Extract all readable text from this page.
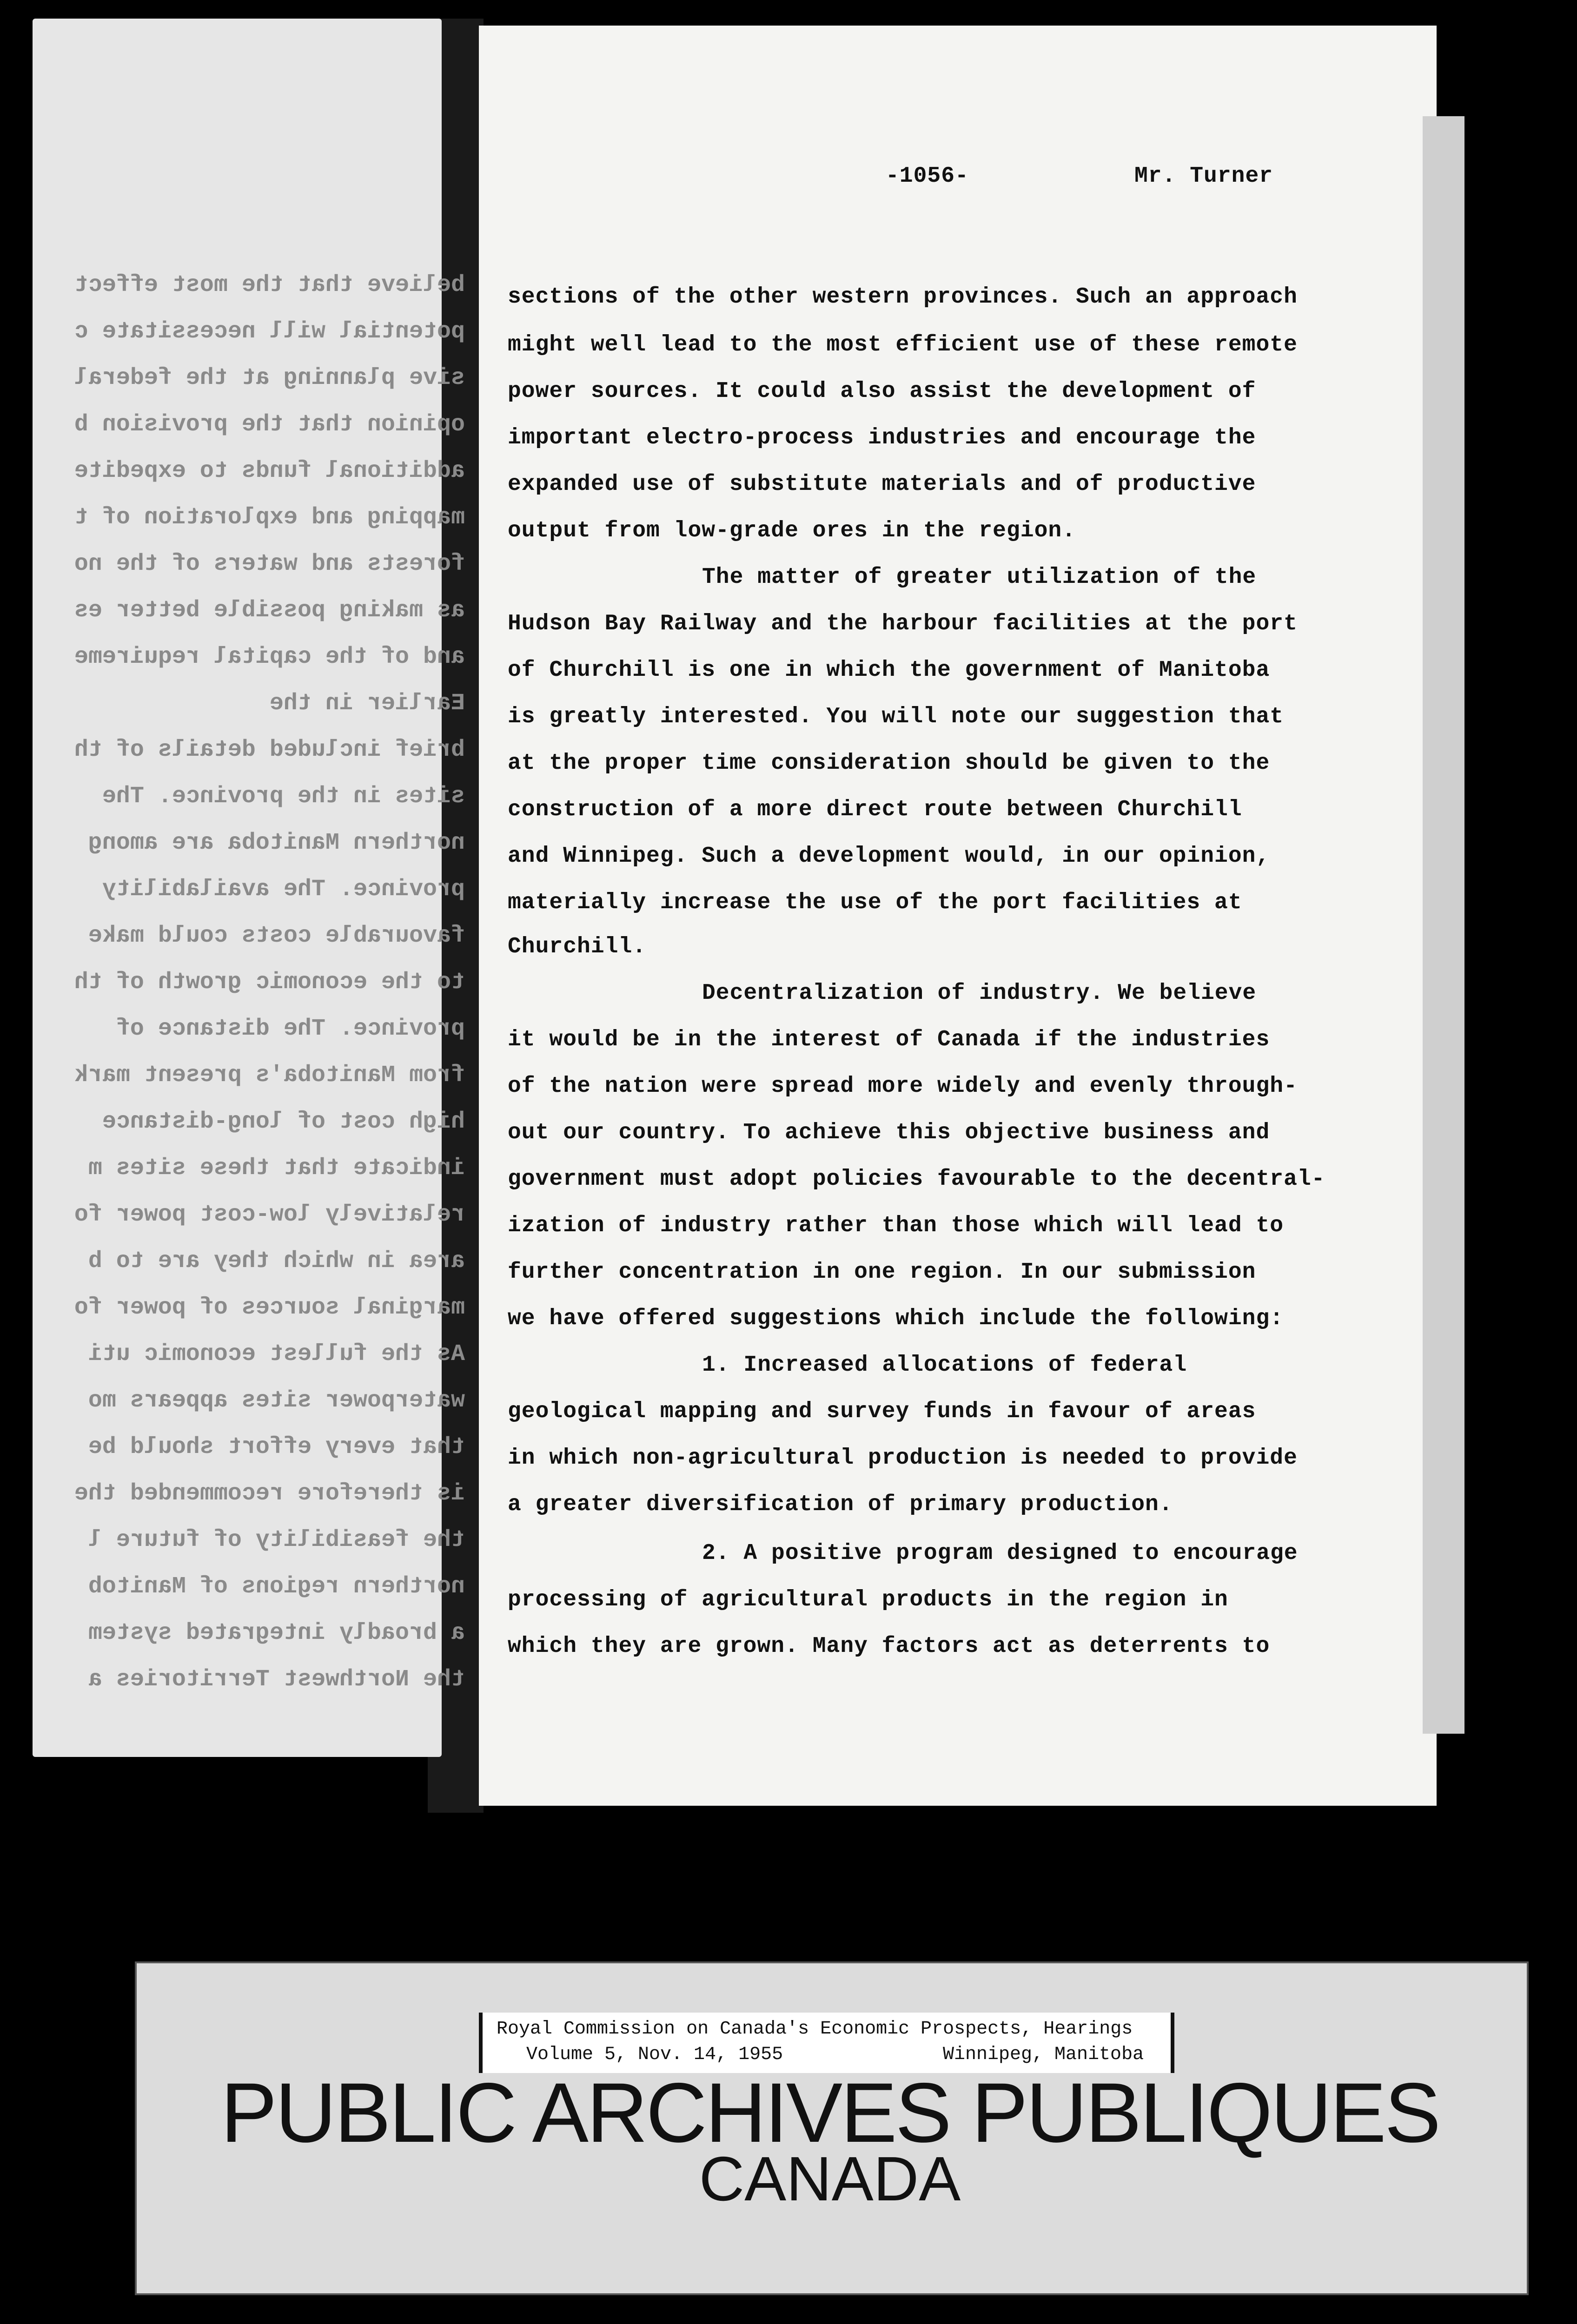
believe that the most effect
potential will necessitate c
sive planning at the federal
opinion that the provision b
additional funds to expedite
mapping and exploration of t
forests and waters of the no
as making possible better es
and of the capital requireme
Earlier in the
brief included details of th
sites in the province. The
northern Manitoba are among
province. The availability
favourable costs could make
to the economic growth of th
province. The distance of
from Manitoba's present mark
high cost of long-distance
indicate that these sites m
relatively low-cost power fo
area in which they are to b
marginal sources of power fo
As the fullest economic uti
waterpower sites appears mo
that every effort should be
is therefore recommended the
the feasibility of future l
northern regions of Manitob
a broadly integrated system
the Northwest Territories a
-1056-	Mr. Turner
sections of the other western provinces. Such an approach
might well lead to the most efficient use of these remote
power sources. It could also assist the development of
important electro-process industries and encourage the
expanded use of substitute materials and of productive
output from low-grade ores in the region.
The matter of greater utilization of the
Hudson Bay Railway and the harbour facilities at the port
of Churchill is one in which the government of Manitoba
is greatly interested. You will note our suggestion that
at the proper time consideration should be given to the
construction of a more direct route between Churchill
and Winnipeg. Such a development would, in our opinion,
materially increase the use of the port facilities at
Churchill.
Decentralization of industry. We believe
it would be in the interest of Canada if the industries
of the nation were spread more widely and evenly through-
out our country. To achieve this objective business and
government must adopt policies favourable to the decentral-
ization of industry rather than those which will lead to
further concentration in one region. In our submission
we have offered suggestions which include the following:
1. Increased allocations of federal
geological mapping and survey funds in favour of areas
in which non-agricultural production is needed to provide
a greater diversification of primary production.
2. A positive program designed to encourage
processing of agricultural products in the region in
which they are grown. Many factors act as deterrents to
Royal Commission on Canada's Economic Prospects, Hearings
Volume 5, Nov. 14, 1955	Winnipeg, Manitoba
PUBLIC ARCHIVES PUBLIQUES
CANADA
